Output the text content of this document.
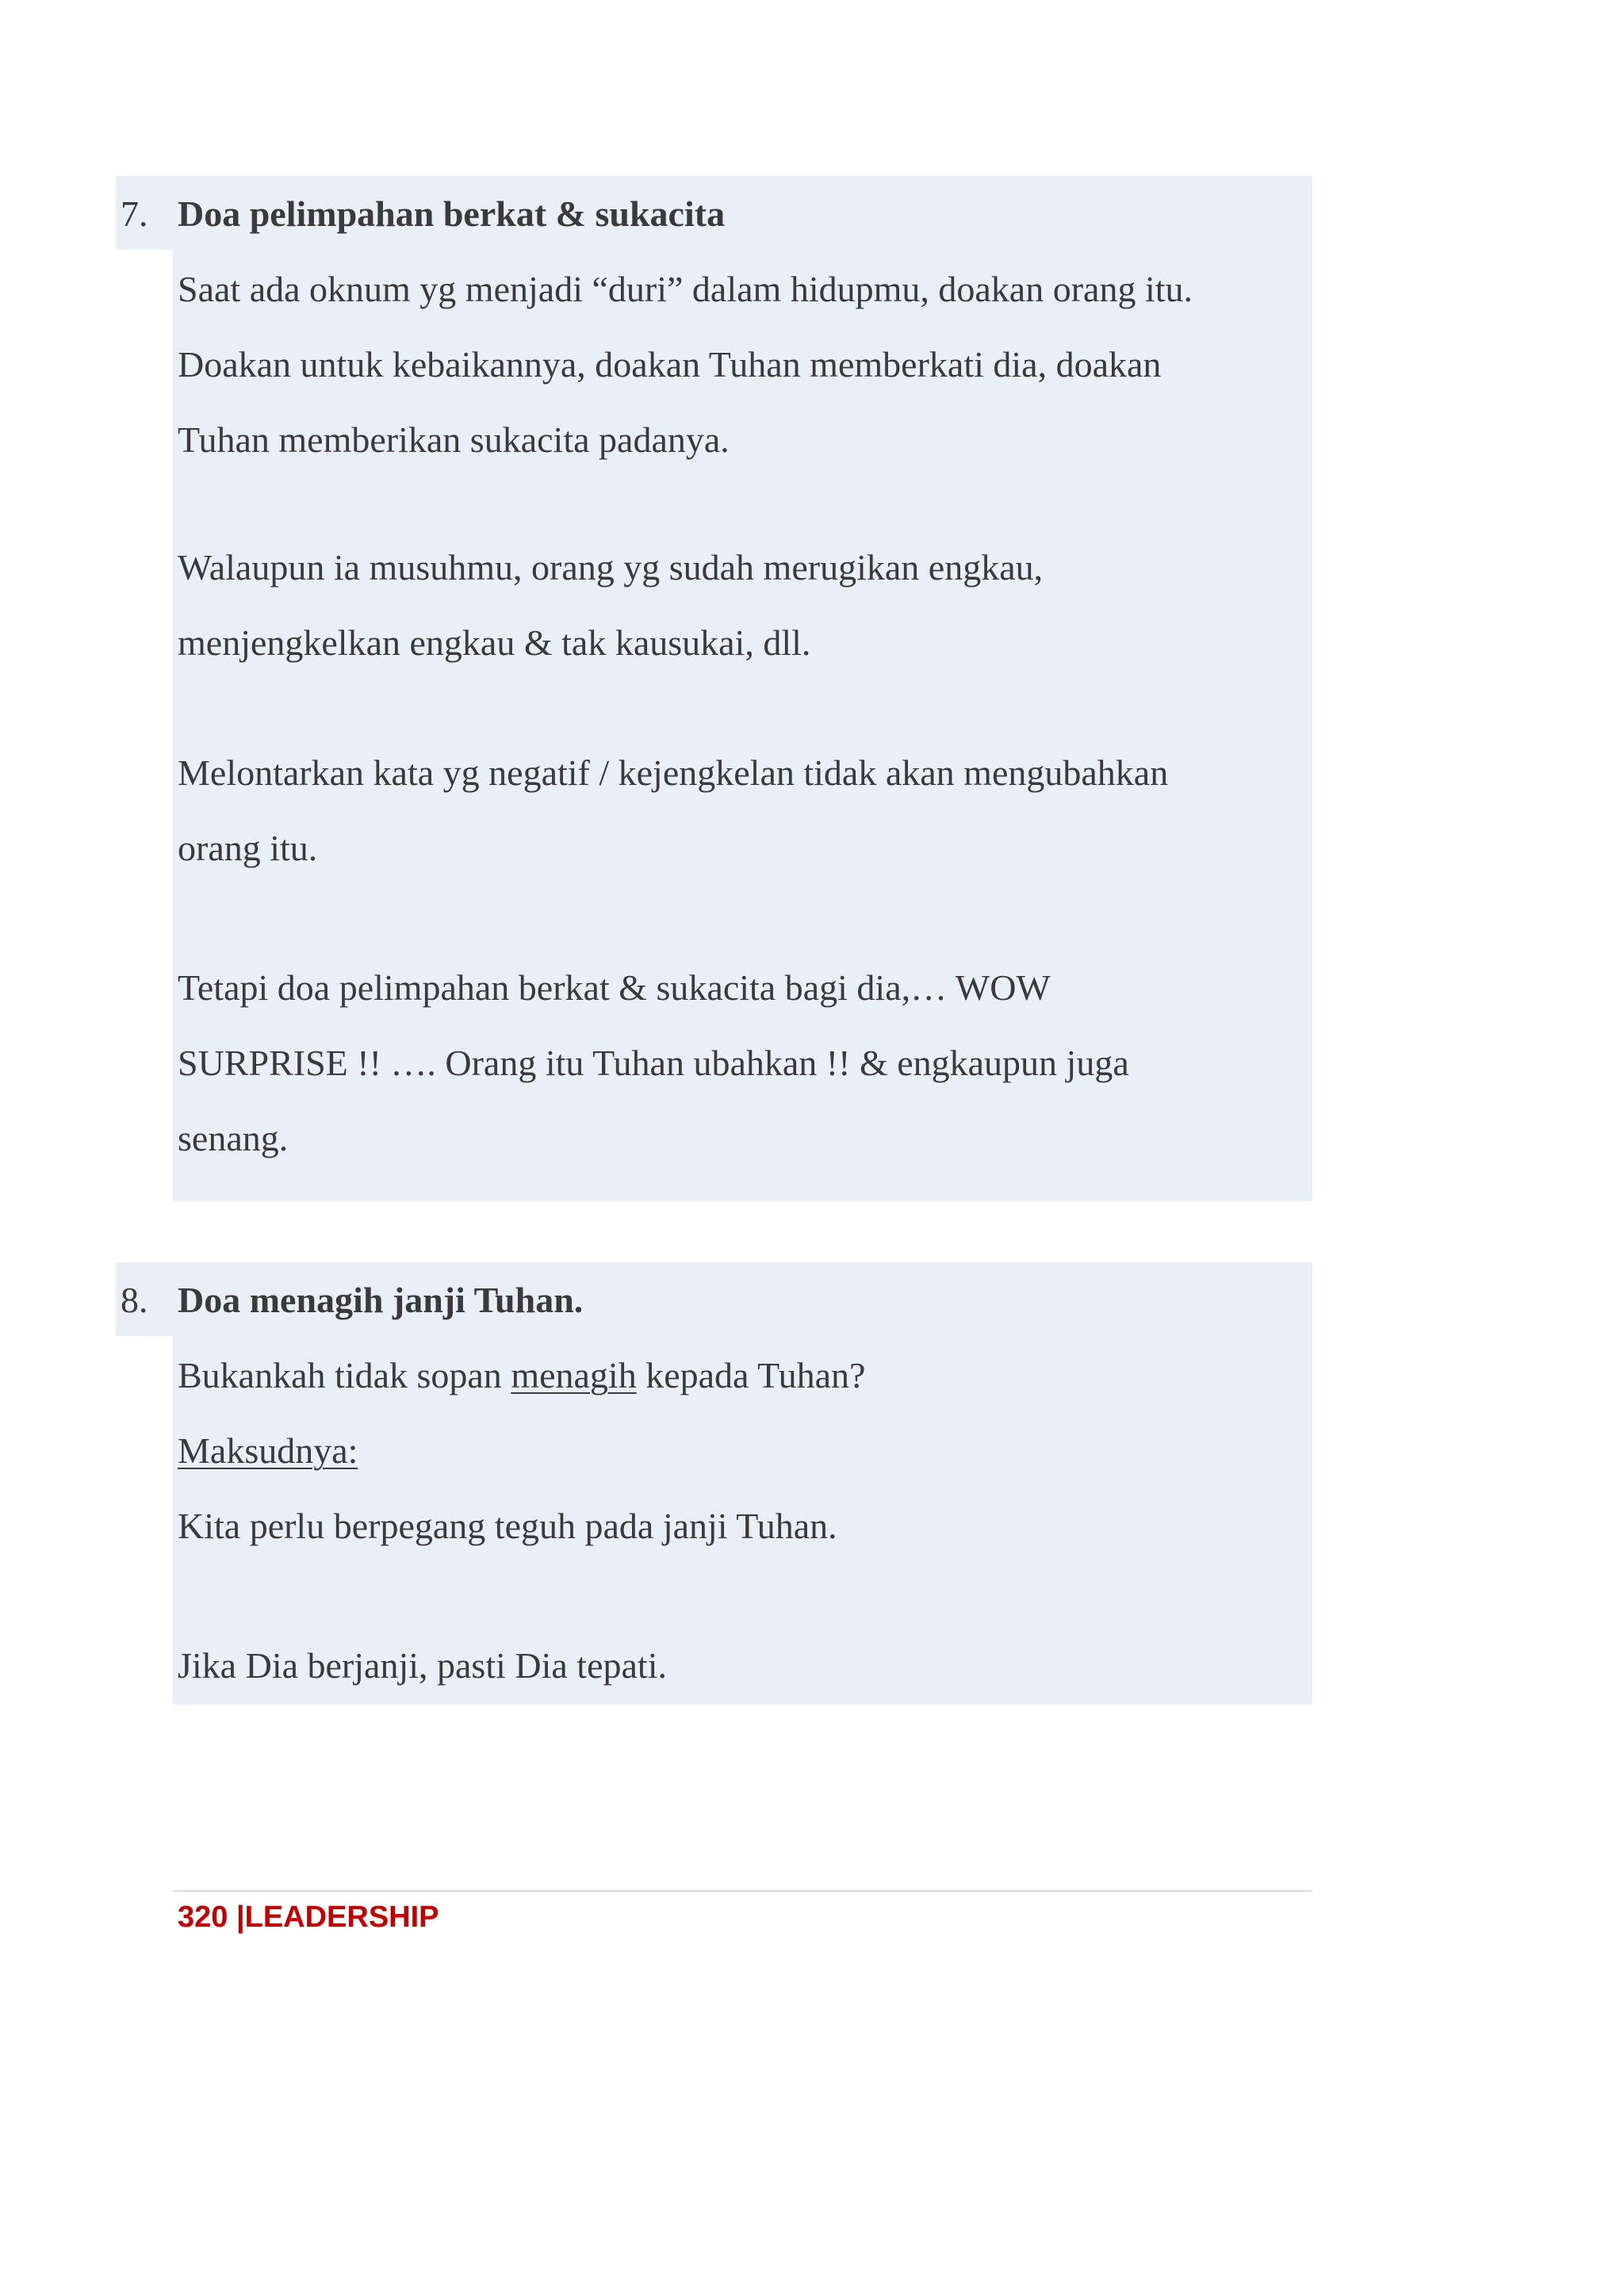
7. Doa pelimpahan berkat & sukacita

Saat ada oknum yg menjadi “duri” dalam hidupmu, doakan orang itu.
Doakan untuk kebaikannya, doakan Tuhan memberkati dia, doakan
Tuhan memberikan sukacita padanya.

Walaupun ia musuhmu, orang yg sudah merugikan engkau,
menjengkelkan engkau & tak kausukai, dll.

Melontarkan kata yg negatif / kejengkelan tidak akan mengubahkan
orang itu.

Tetapi doa pelimpahan berkat & sukacita bagi dia,… WOW
SURPRISE !! …. Orang itu Tuhan ubahkan !! & engkaupun juga
senang.

8. Doa menagih janji Tuhan.

Bukankah tidak sopan menagih kepada Tuhan?
Maksudnya:
Kita perlu berpegang teguh pada janji Tuhan.

Jika Dia berjanji, pasti Dia tepati.

320 |LEADERSHIP
